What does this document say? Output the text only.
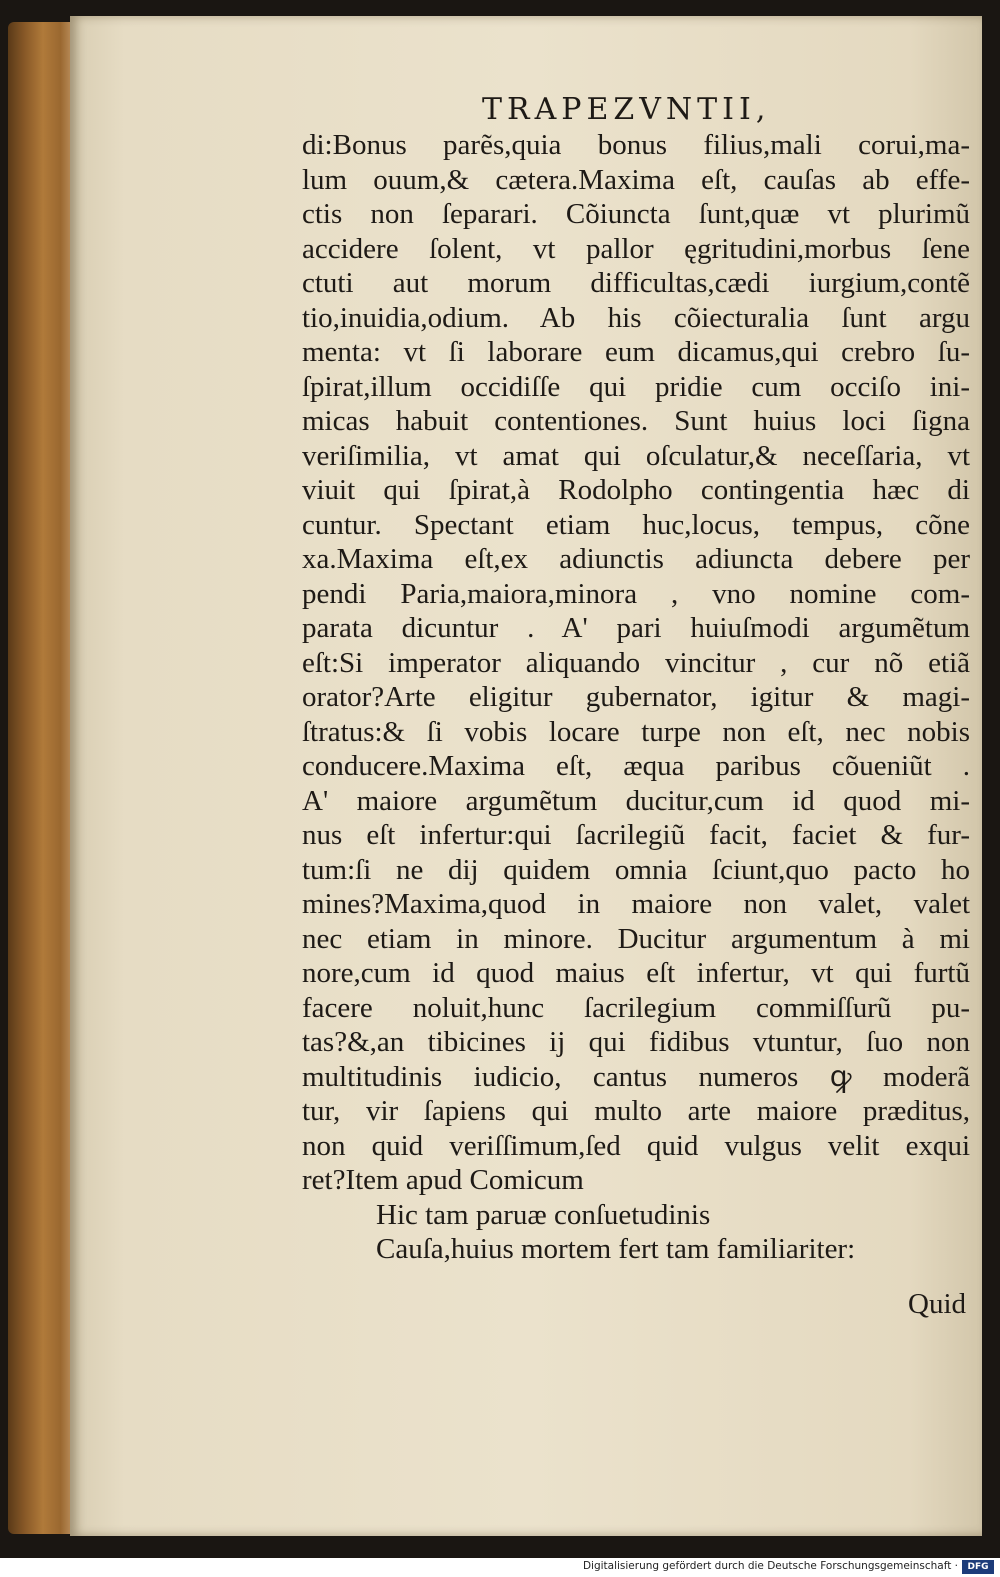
TRAPEZVNTII,
di:Bonus parẽs,quia bonus filius,mali corui,ma-
lum ouum,& cætera.Maxima eſt, cauſas ab effe-
ctis non ſeparari. Cõiuncta ſunt,quæ vt plurimũ
accidere ſolent, vt pallor ęgritudini,morbus ſene
ctuti aut morum difficultas,cædi iurgium,contẽ
tio,inuidia,odium. Ab his cõiecturalia ſunt argu
menta: vt ſi laborare eum dicamus,qui crebro ſu-
ſpirat,illum occidiſſe qui pridie cum occiſo ini-
micas habuit contentiones. Sunt huius loci ſigna
veriſimilia, vt amat qui oſculatur,& neceſſaria, vt
viuit qui ſpirat,à Rodolpho contingentia hæc di
cuntur. Spectant etiam huc,locus, tempus, cõne
xa.Maxima eſt,ex adiunctis adiuncta debere per
pendi Paria,maiora,minora , vno nomine com-
parata dicuntur . A' pari huiuſmodi argumẽtum
eſt:Si imperator aliquando vincitur , cur nõ etiã
orator?Arte eligitur gubernator, igitur & magi-
ſtratus:& ſi vobis locare turpe non eſt, nec nobis
conducere.Maxima eſt, æqua paribus cõueniũt .
A' maiore argumẽtum ducitur,cum id quod mi-
nus eſt infertur:qui ſacrilegiũ facit, faciet & fur-
tum:ſi ne dij quidem omnia ſciunt,quo pacto ho
mines?Maxima,quod in maiore non valet, valet
nec etiam in minore. Ducitur argumentum à mi
nore,cum id quod maius eſt infertur, vt qui furtũ
facere noluit,hunc ſacrilegium commiſſurũ pu-
tas?&,an tibicines ij qui fidibus vtuntur, ſuo non
multitudinis iudicio, cantus numeros ꝙ moderã
tur, vir ſapiens qui multo arte maiore præditus,
non quid veriſſimum,ſed quid vulgus velit exqui
ret?Item apud Comicum
Hic tam paruæ conſuetudinis
Cauſa,huius mortem fert tam familiariter:
Quid
Digitalisierung gefördert durch die Deutsche Forschungsgemeinschaft ·	DFG
